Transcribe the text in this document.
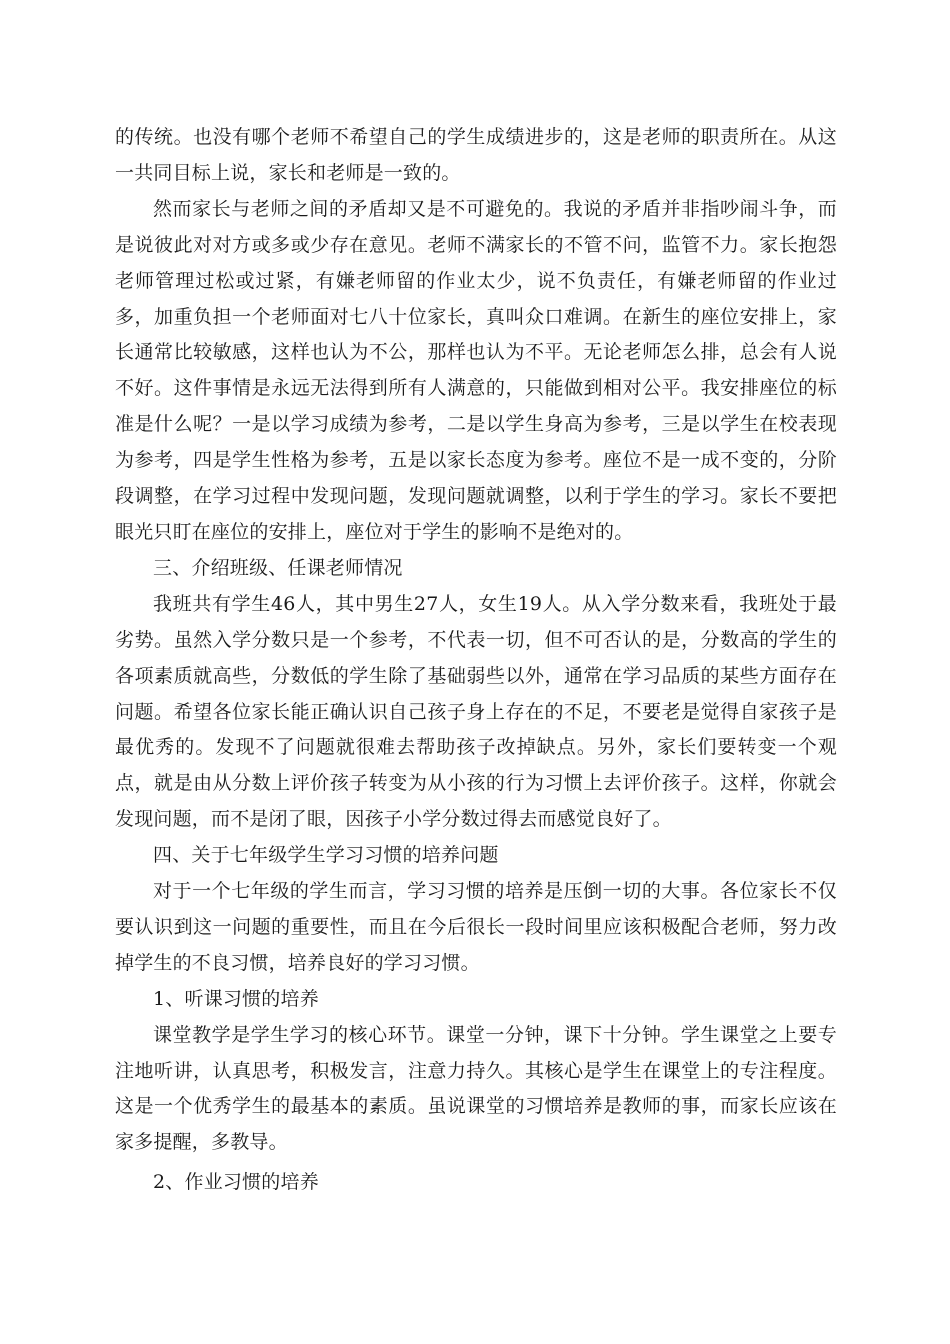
的传统。也没有哪个老师不希望自己的学生成绩进步的，这是老师的职责所在。从这一共同目标上说，家长和老师是一致的。

然而家长与老师之间的矛盾却又是不可避免的。我说的矛盾并非指吵闹斗争，而是说彼此对对方或多或少存在意见。老师不满家长的不管不问，监管不力。家长抱怨老师管理过松或过紧，有嫌老师留的作业太少，说不负责任，有嫌老师留的作业过多，加重负担一个老师面对七八十位家长，真叫众口难调。在新生的座位安排上，家长通常比较敏感，这样也认为不公，那样也认为不平。无论老师怎么排，总会有人说不好。这件事情是永远无法得到所有人满意的，只能做到相对公平。我安排座位的标准是什么呢？一是以学习成绩为参考，二是以学生身高为参考，三是以学生在校表现为参考，四是学生性格为参考，五是以家长态度为参考。座位不是一成不变的，分阶段调整，在学习过程中发现问题，发现问题就调整，以利于学生的学习。家长不要把眼光只盯在座位的安排上，座位对于学生的影响不是绝对的。

三、介绍班级、任课老师情况

我班共有学生46人，其中男生27人，女生19人。从入学分数来看，我班处于最劣势。虽然入学分数只是一个参考，不代表一切，但不可否认的是，分数高的学生的各项素质就高些，分数低的学生除了基础弱些以外，通常在学习品质的某些方面存在问题。希望各位家长能正确认识自己孩子身上存在的不足，不要老是觉得自家孩子是最优秀的。发现不了问题就很难去帮助孩子改掉缺点。另外，家长们要转变一个观点，就是由从分数上评价孩子转变为从小孩的行为习惯上去评价孩子。这样，你就会发现问题，而不是闭了眼，因孩子小学分数过得去而感觉良好了。

四、关于七年级学生学习习惯的培养问题

对于一个七年级的学生而言，学习习惯的培养是压倒一切的大事。各位家长不仅要认识到这一问题的重要性，而且在今后很长一段时间里应该积极配合老师，努力改掉学生的不良习惯，培养良好的学习习惯。

1、听课习惯的培养

课堂教学是学生学习的核心环节。课堂一分钟，课下十分钟。学生课堂之上要专注地听讲，认真思考，积极发言，注意力持久。其核心是学生在课堂上的专注程度。这是一个优秀学生的最基本的素质。虽说课堂的习惯培养是教师的事，而家长应该在家多提醒，多教导。

2、作业习惯的培养
